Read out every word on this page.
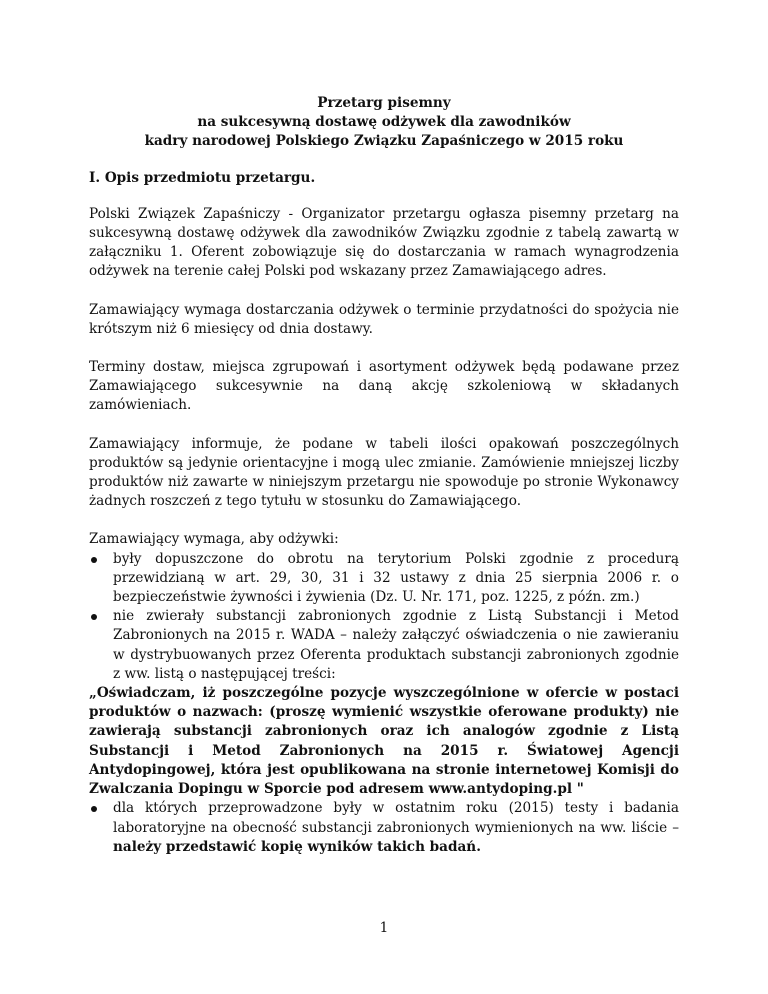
Przetarg pisemny

na sukcesywną dostawę odżywek dla zawodników

kadry narodowej Polskiego Związku Zapaśniczego w 2015 roku

I. Opis przedmiotu przetargu.

Polski Związek Zapaśniczy - Organizator przetargu ogłasza pisemny przetarg na sukcesywną dostawę odżywek dla zawodników Związku zgodnie z tabelą zawartą w załączniku 1. Oferent zobowiązuje się do dostarczania w ramach wynagrodzenia odżywek na terenie całej Polski pod wskazany przez Zamawiającego adres.

Zamawiający wymaga dostarczania odżywek o terminie przydatności do spożycia nie krótszym niż 6 miesięcy od dnia dostawy.

Terminy dostaw, miejsca zgrupowań i asortyment odżywek będą podawane przez Zamawiającego sukcesywnie na daną akcję szkoleniową w składanych zamówieniach.

Zamawiający informuje, że podane w tabeli ilości opakowań poszczególnych produktów są jedynie orientacyjne i mogą ulec zmianie. Zamówienie mniejszej liczby produktów niż zawarte w niniejszym przetargu nie spowoduje po stronie Wykonawcy żadnych roszczeń z tego tytułu w stosunku do Zamawiającego.

Zamawiający wymaga, aby odżywki:

były dopuszczone do obrotu na terytorium Polski zgodnie z procedurą przewidzianą w art. 29, 30, 31 i 32 ustawy z dnia 25 sierpnia 2006 r. o bezpieczeństwie żywności i żywienia (Dz. U. Nr. 171, poz. 1225, z późn. zm.)
nie zwierały substancji zabronionych zgodnie z Listą Substancji i Metod Zabronionych na 2015 r. WADA – należy załączyć oświadczenia o nie zawieraniu w dystrybuowanych przez Oferenta produktach substancji zabronionych zgodnie z ww. listą o następującej treści:

„Oświadczam, iż poszczególne pozycje wyszczególnione w ofercie w postaci produktów o nazwach: (proszę wymienić wszystkie oferowane produkty) nie zawierają substancji zabronionych oraz ich analogów zgodnie z Listą Substancji i Metod Zabronionych na 2015 r. Światowej Agencji Antydopingowej, która jest opublikowana na stronie internetowej Komisji do Zwalczania Dopingu w Sporcie pod adresem www.antydoping.pl "

dla których przeprowadzone były w ostatnim roku (2015) testy i badania laboratoryjne na obecność substancji zabronionych wymienionych na ww. liście – należy przedstawić kopię wyników takich badań.
1
